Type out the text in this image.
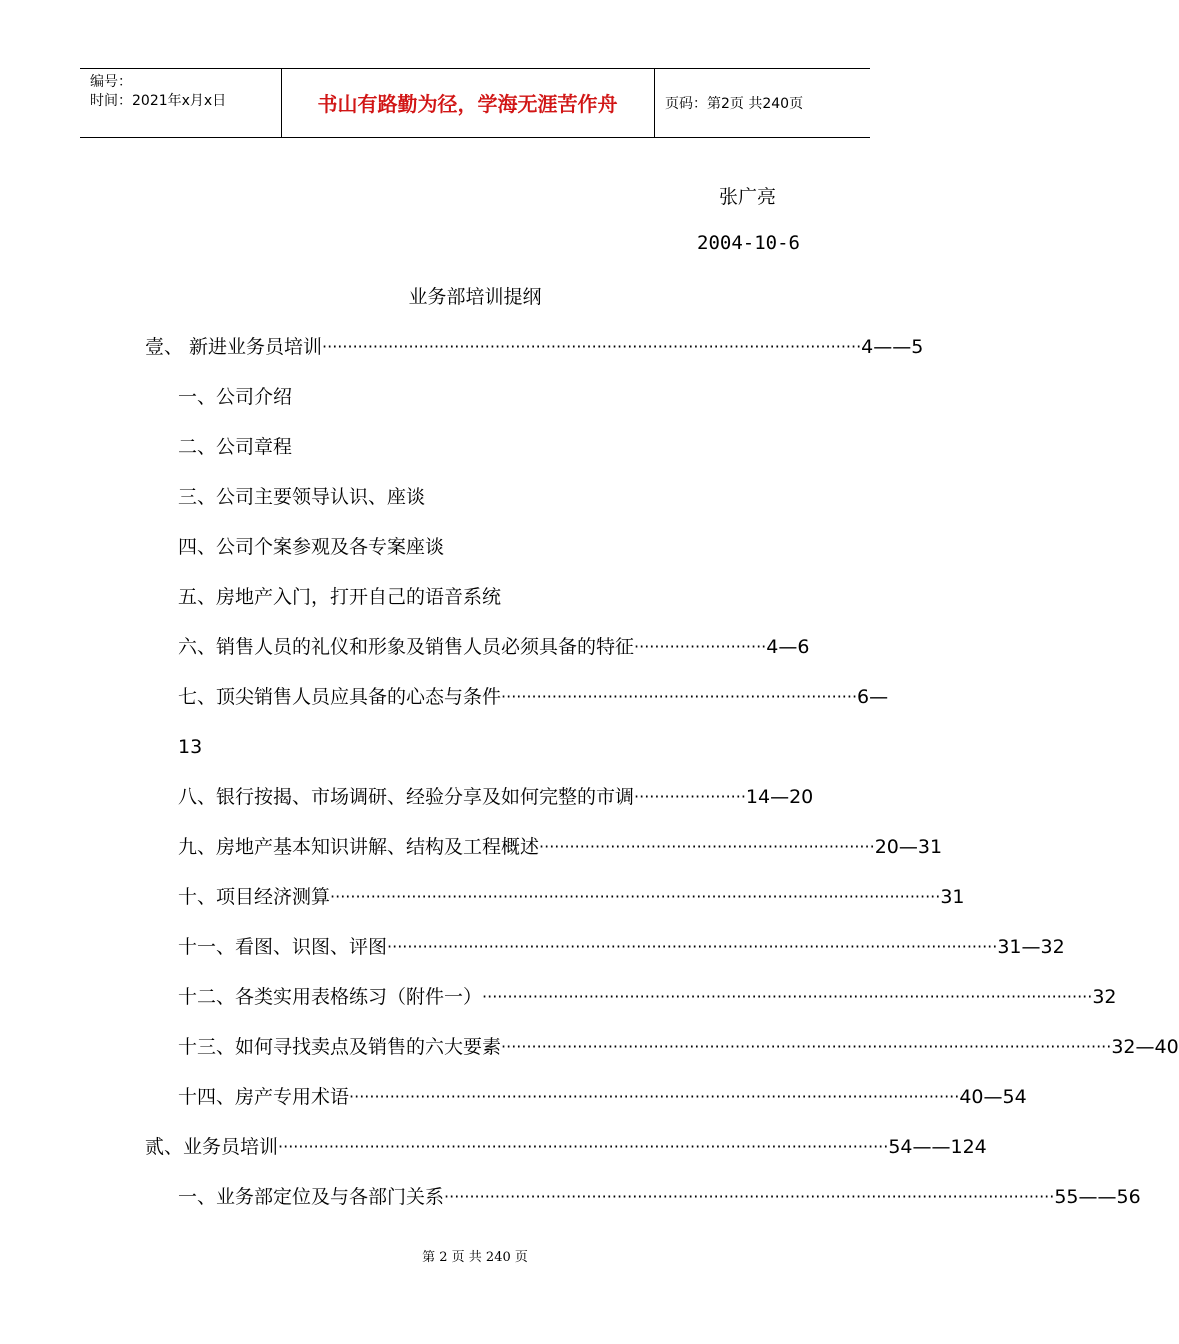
编号：
时间：2021年x月x日	书山有路勤为径，学海无涯苦作舟	页码：第2页 共240页
张广亮
2004-10-6
业务部培训提纲
壹、 新进业务员培训 ·········································································································· 4——5
一、公司介绍
二、公司章程
三、公司主要领导认识、座谈
四、公司个案参观及各专案座谈
五、房地产入门，打开自己的语音系统
六、销售人员的礼仪和形象及销售人员必须具备的特征 ·························· 4—6
七、顶尖销售人员应具备的心态与条件 ······································································ 6—
13
八、银行按揭、市场调研、经验分享及如何完整的市调 ······················ 14—20
九、房地产基本知识讲解、结构及工程概述 ·································································· 20—31
十、项目经济测算 ························································································································ 31
十一、看图、识图、评图 ························································································································ 31—32
十二、各类实用表格练习（附件一） ························································································································ 32
十三、如何寻找卖点及销售的六大要素 ························································································································ 32—40
十四、房产专用术语 ························································································································ 40—54
贰、业务员培训 ························································································································ 54——124
一、业务部定位及与各部门关系 ························································································································ 55——56
第 2 页 共 240 页
